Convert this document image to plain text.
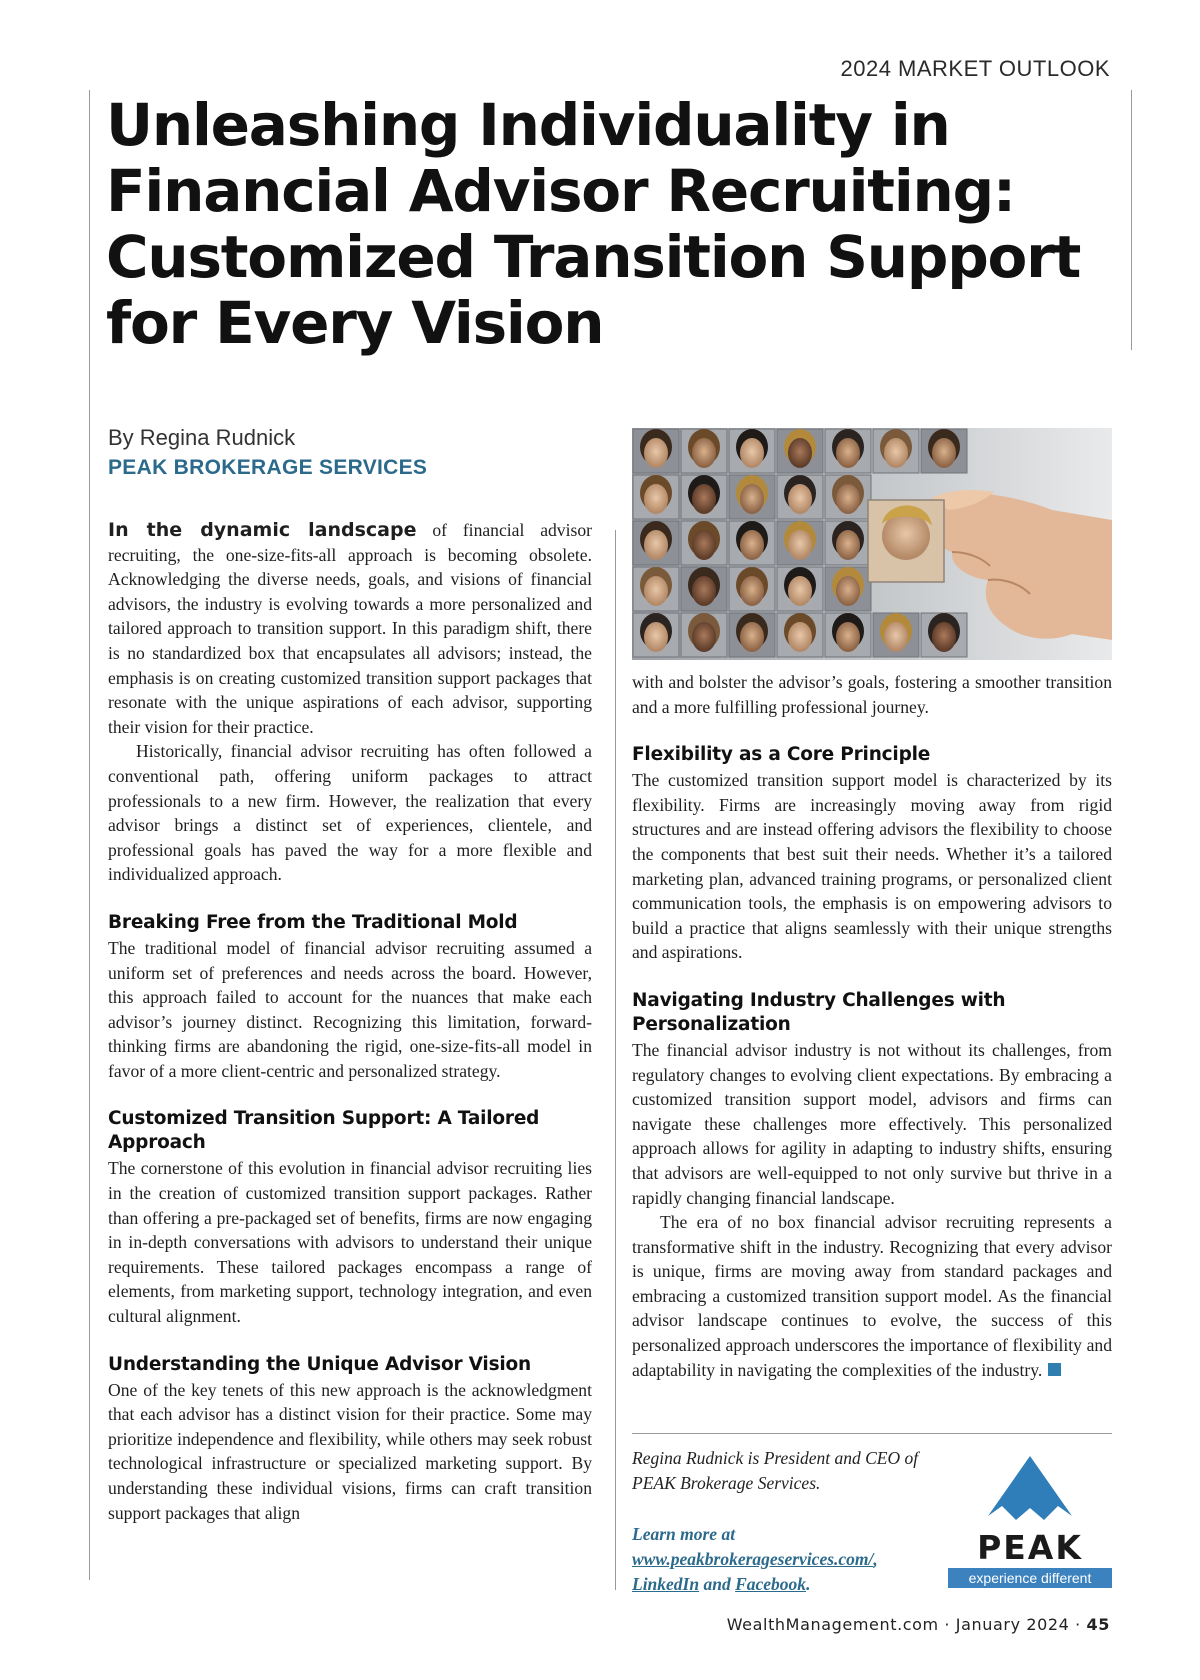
2024 MARKET OUTLOOK
Unleashing Individuality in Financial Advisor Recruiting: Customized Transition Support for Every Vision
By Regina Rudnick
PEAK BROKERAGE SERVICES

In the dynamic landscape of financial advisor recruiting, the one-size-fits-all approach is becoming obsolete. Acknowledging the diverse needs, goals, and visions of financial advisors, the industry is evolving towards a more personalized and tailored approach to transition support. In this paradigm shift, there is no standardized box that encapsulates all advisors; instead, the emphasis is on creating customized transition support packages that resonate with the unique aspirations of each advisor, supporting their vision for their practice.

Historically, financial advisor recruiting has often followed a conventional path, offering uniform packages to attract professionals to a new firm. However, the realization that every advisor brings a distinct set of experiences, clientele, and professional goals has paved the way for a more flexible and individualized approach.

Breaking Free from the Traditional Mold

The traditional model of financial advisor recruiting assumed a uniform set of preferences and needs across the board. However, this approach failed to account for the nuances that make each advisor’s journey distinct. Recognizing this limitation, forward-thinking firms are abandoning the rigid, one-size-fits-all model in favor of a more client-centric and personalized strategy.

Customized Transition Support: A Tailored Approach

The cornerstone of this evolution in financial advisor recruiting lies in the creation of customized transition support packages. Rather than offering a pre-packaged set of benefits, firms are now engaging in in-depth conversations with advisors to understand their unique requirements. These tailored packages encompass a range of elements, from marketing support, technology integration, and even cultural alignment.

Understanding the Unique Advisor Vision

One of the key tenets of this new approach is the acknowledgment that each advisor has a distinct vision for their practice. Some may prioritize independence and flexibility, while others may seek robust technological infrastructure or specialized marketing support. By understanding these individual visions, firms can craft transition support packages that align

with and bolster the advisor’s goals, fostering a smoother transition and a more fulfilling professional journey.

Flexibility as a Core Principle

The customized transition support model is characterized by its flexibility. Firms are increasingly moving away from rigid structures and are instead offering advisors the flexibility to choose the components that best suit their needs. Whether it’s a tailored marketing plan, advanced training programs, or personalized client communication tools, the emphasis is on empowering advisors to build a practice that aligns seamlessly with their unique strengths and aspirations.

Navigating Industry Challenges with Personalization

The financial advisor industry is not without its challenges, from regulatory changes to evolving client expectations. By embracing a customized transition support model, advisors and firms can navigate these challenges more effectively. This personalized approach allows for agility in adapting to industry shifts, ensuring that advisors are well-equipped to not only survive but thrive in a rapidly changing financial landscape.

The era of no box financial advisor recruiting represents a transformative shift in the industry. Recognizing that every advisor is unique, firms are moving away from standard packages and embracing a customized transition support model. As the financial advisor landscape continues to evolve, the success of this personalized approach underscores the importance of flexibility and adaptability in navigating the complexities of the industry.

Regina Rudnick is President and CEO of PEAK Brokerage Services.
Learn more at
www.peakbrokerageservices.com/,
LinkedIn and Facebook.
PEAK
experience different
WealthManagement.com · January 2024 · 45
